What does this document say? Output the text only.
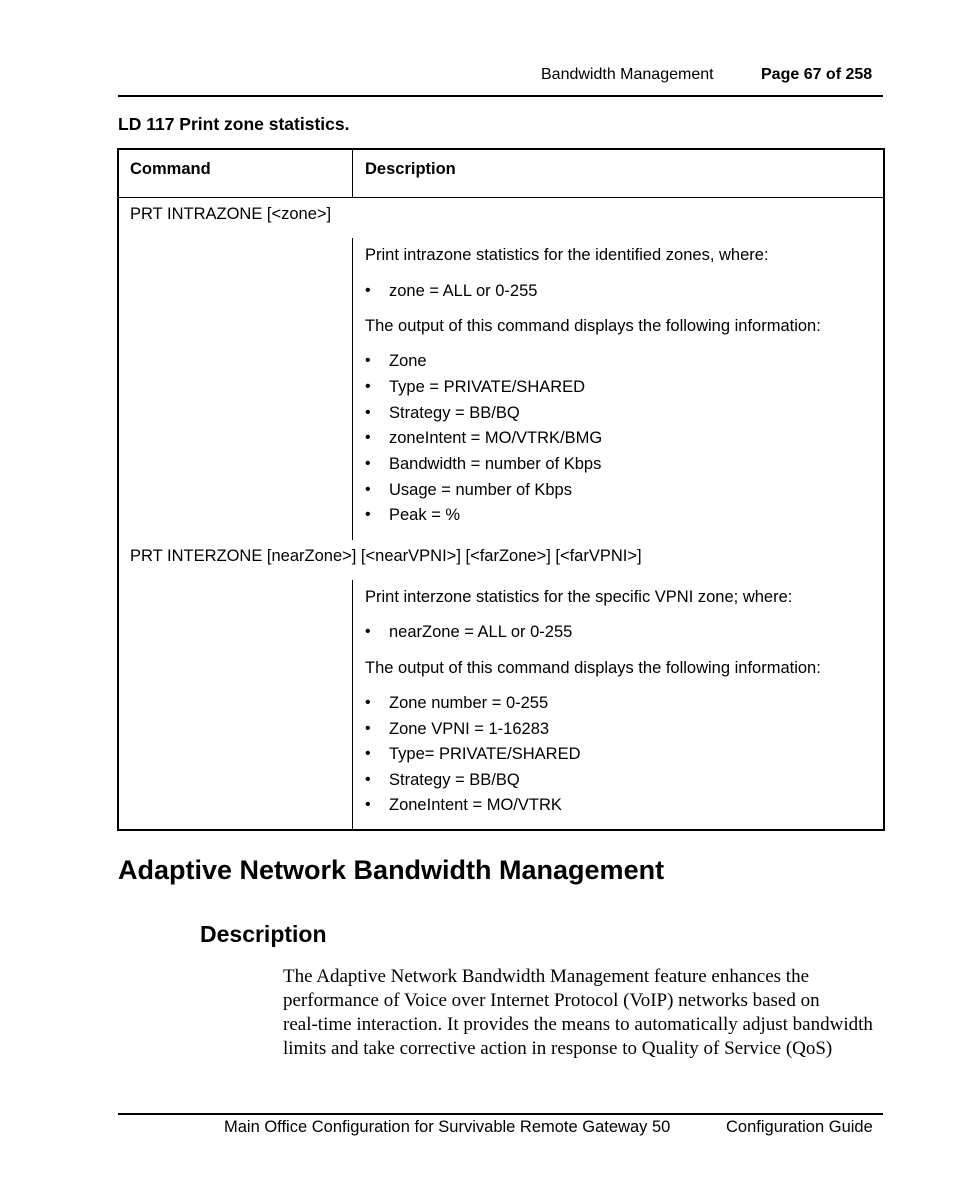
Bandwidth Management	Page 67 of 258
LD 117 Print zone statistics.
Command	Description
PRT INTRAZONE [<zone>]
Print intrazone statistics for the identified zones, where:
• zone = ALL or 0-255
The output of this command displays the following information:
• Zone
• Type = PRIVATE/SHARED
• Strategy = BB/BQ
• zoneIntent = MO/VTRK/BMG
• Bandwidth = number of Kbps
• Usage = number of Kbps
• Peak = %
PRT INTERZONE [nearZone>] [<nearVPNI>] [<farZone>] [<farVPNI>]
Print interzone statistics for the specific VPNI zone; where:
• nearZone = ALL or 0-255
The output of this command displays the following information:
• Zone number = 0-255
• Zone VPNI = 1-16283
• Type= PRIVATE/SHARED
• Strategy = BB/BQ
• ZoneIntent = MO/VTRK
Adaptive Network Bandwidth Management
Description
The Adaptive Network Bandwidth Management feature enhances the
performance of Voice over Internet Protocol (VoIP) networks based on
real-time interaction. It provides the means to automatically adjust bandwidth
limits and take corrective action in response to Quality of Service (QoS)
Main Office Configuration for Survivable Remote Gateway 50	Configuration Guide
